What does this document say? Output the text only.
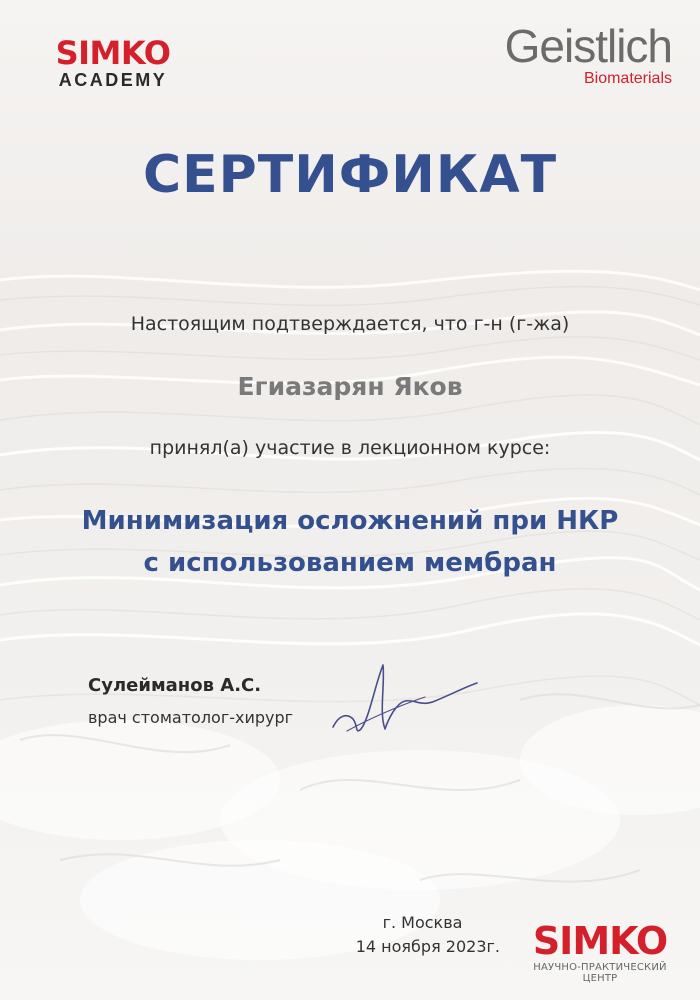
SIMKO
ACADEMY
Geistlich
Biomaterials
СЕРТИФИКАТ
Настоящим подтверждается, что г-н (г-жа)
Егиазарян Яков
принял(а) участие в лекционном курсе:
Минимизация осложнений при НКР
с использованием мембран
Сулейманов А.С.
врач стоматолог-хирург
г. Москва
14 ноября 2023г. SIMKO
НАУЧНО-ПРАКТИЧЕСКИЙ ЦЕНТР
